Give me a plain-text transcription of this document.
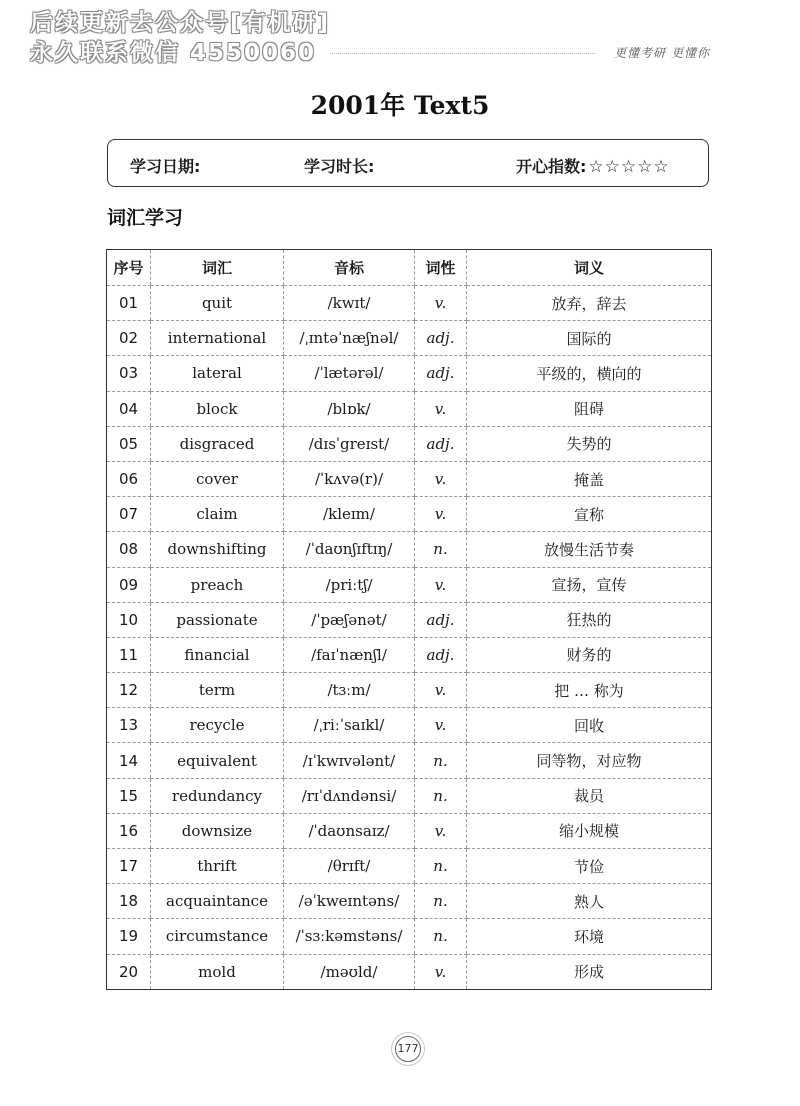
后续更新去公众号[有机研]
永久联系微信 4550060	更懂考研 更懂你
2001年 Text5
学习日期:	学习时长:	开心指数: ☆☆☆☆☆
词汇学习
序号	词汇	音标	词性	词义
01	quit	/kwɪt/	v.	放弃，辞去
02	international	/ˌɪntəˈnæʃnəl/	adj.	国际的
03	lateral	/ˈlætərəl/	adj.	平级的，横向的
04	block	/blɒk/	v.	阻碍
05	disgraced	/dɪsˈgreɪst/	adj.	失势的
06	cover	/ˈkʌvə(r)/	v.	掩盖
07	claim	/kleɪm/	v.	宣称
08	downshifting	/ˈdaʊnʃɪftɪŋ/	n.	放慢生活节奏
09	preach	/priːtʃ/	v.	宣扬，宣传
10	passionate	/ˈpæʃənət/	adj.	狂热的
11	financial	/faɪˈnænʃl/	adj.	财务的
12	term	/tɜːm/	v.	把 … 称为
13	recycle	/ˌriːˈsaɪkl/	v.	回收
14	equivalent	/ɪˈkwɪvələnt/	n.	同等物，对应物
15	redundancy	/rɪˈdʌndənsi/	n.	裁员
16	downsize	/ˈdaʊnsaɪz/	v.	缩小规模
17	thrift	/θrɪft/	n.	节俭
18	acquaintance	/əˈkweɪntəns/	n.	熟人
19	circumstance	/ˈsɜːkəmstəns/	n.	环境
20	mold	/məʊld/	v.	形成
177
